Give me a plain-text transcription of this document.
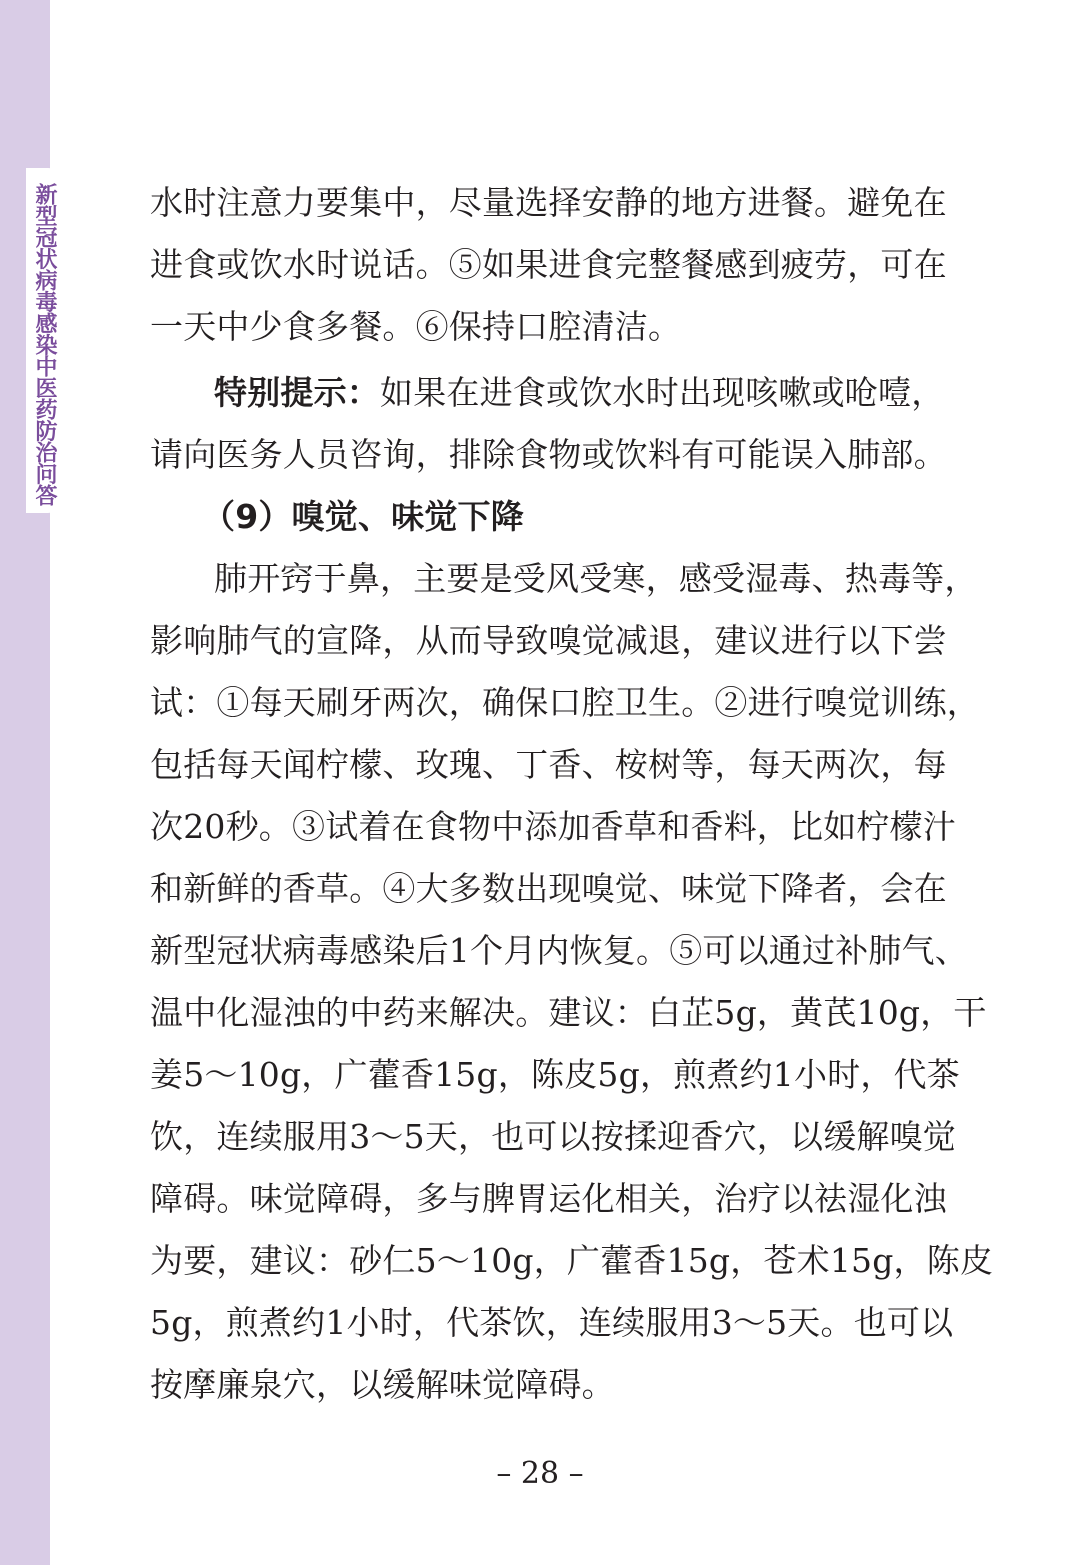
新型冠状病毒感染中医药防治问答	水时注意力要集中，尽量选择安静的地方进餐。避免在
进食或饮水时说话。⑤如果进食完整餐感到疲劳，可在
一天中少食多餐。⑥保持口腔清洁。
特别提示：如果在进食或饮水时出现咳嗽或呛噎，
请向医务人员咨询，排除食物或饮料有可能误入肺部。
（9）嗅觉、味觉下降
肺开窍于鼻，主要是受风受寒，感受湿毒、热毒等，
影响肺气的宣降，从而导致嗅觉减退，建议进行以下尝
试：①每天刷牙两次，确保口腔卫生。②进行嗅觉训练，
包括每天闻柠檬、玫瑰、丁香、桉树等，每天两次，每
次20秒。③试着在食物中添加香草和香料，比如柠檬汁
和新鲜的香草。④大多数出现嗅觉、味觉下降者，会在
新型冠状病毒感染后1个月内恢复。⑤可以通过补肺气、
温中化湿浊的中药来解决。建议：白芷5g，黄芪10g，干
姜5～10g，广藿香15g，陈皮5g，煎煮约1小时，代茶
饮，连续服用3～5天，也可以按揉迎香穴，以缓解嗅觉
障碍。味觉障碍，多与脾胃运化相关，治疗以祛湿化浊
为要，建议：砂仁5～10g，广藿香15g，苍术15g，陈皮
5g，煎煮约1小时，代茶饮，连续服用3～5天。也可以
按摩廉泉穴，以缓解味觉障碍。
– 28 –
